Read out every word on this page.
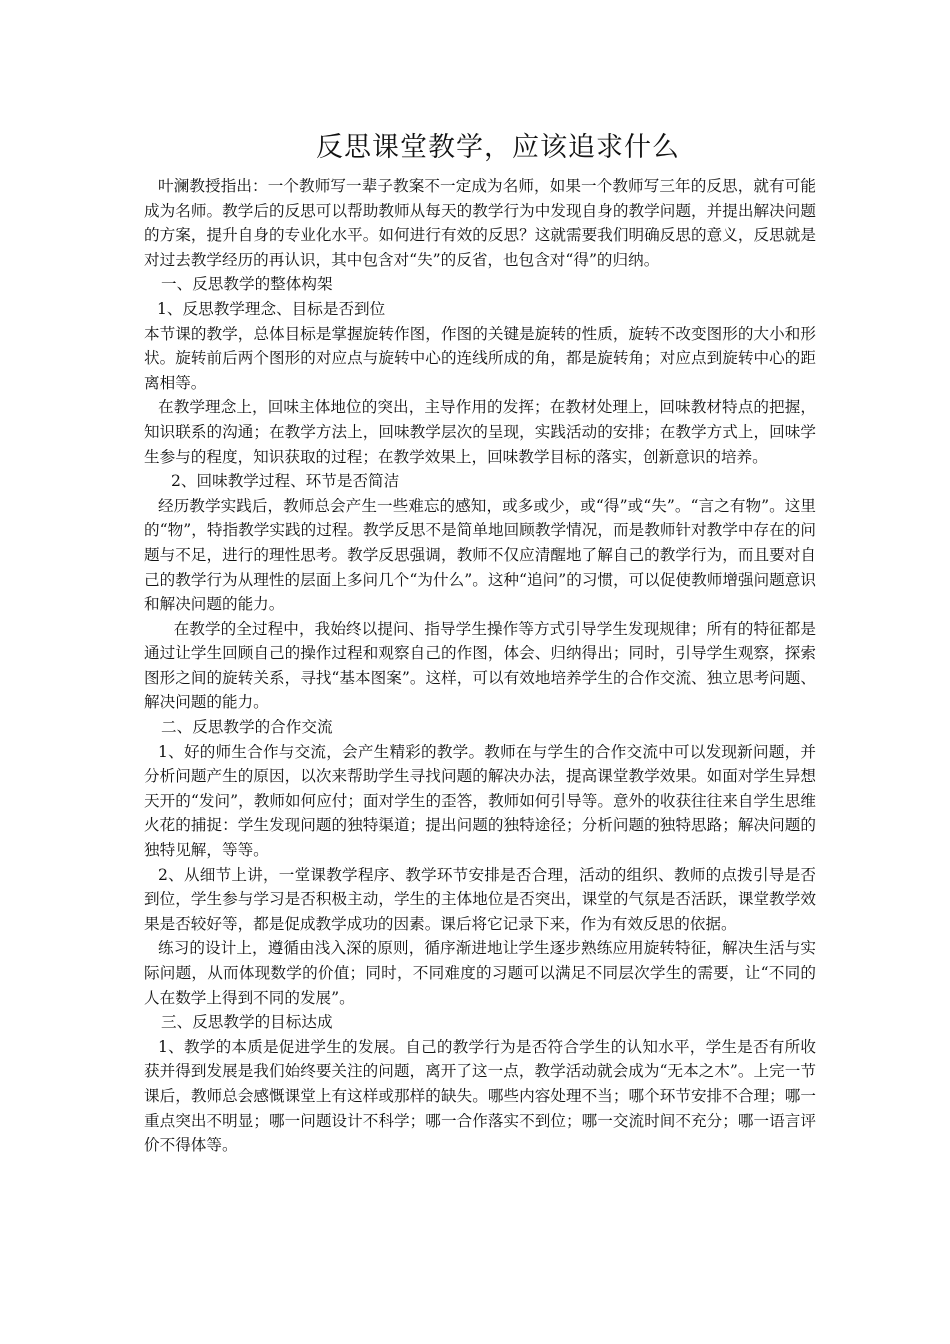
反思课堂教学，应该追求什么

叶澜教授指出：一个教师写一辈子教案不一定成为名师，如果一个教师写三年的反思，就有可能成为名师。教学后的反思可以帮助教师从每天的教学行为中发现自身的教学问题，并提出解决问题的方案，提升自身的专业化水平。如何进行有效的反思？这就需要我们明确反思的意义，反思就是对过去教学经历的再认识，其中包含对“失”的反省，也包含对“得”的归纳。

一、反思教学的整体构架

1、反思教学理念、目标是否到位

本节课的教学，总体目标是掌握旋转作图，作图的关键是旋转的性质，旋转不改变图形的大小和形状。旋转前后两个图形的对应点与旋转中心的连线所成的角，都是旋转角；对应点到旋转中心的距离相等。

在教学理念上，回味主体地位的突出，主导作用的发挥；在教材处理上，回味教材特点的把握，知识联系的沟通；在教学方法上，回味教学层次的呈现，实践活动的安排；在教学方式上，回味学生参与的程度，知识获取的过程；在教学效果上，回味教学目标的落实，创新意识的培养。

2、回味教学过程、环节是否简洁

经历教学实践后，教师总会产生一些难忘的感知，或多或少，或“得”或“失”。“言之有物”。这里的“物”，特指教学实践的过程。教学反思不是简单地回顾教学情况，而是教师针对教学中存在的问题与不足，进行的理性思考。教学反思强调，教师不仅应清醒地了解自己的教学行为，而且要对自己的教学行为从理性的层面上多问几个“为什么”。这种“追问”的习惯，可以促使教师增强问题意识和解决问题的能力。

在教学的全过程中，我始终以提问、指导学生操作等方式引导学生发现规律；所有的特征都是通过让学生回顾自己的操作过程和观察自己的作图，体会、归纳得出；同时，引导学生观察，探索图形之间的旋转关系，寻找“基本图案”。这样，可以有效地培养学生的合作交流、独立思考问题、解决问题的能力。

二、反思教学的合作交流

1、好的师生合作与交流，会产生精彩的教学。教师在与学生的合作交流中可以发现新问题，并分析问题产生的原因，以次来帮助学生寻找问题的解决办法，提高课堂教学效果。如面对学生异想天开的“发问”，教师如何应付；面对学生的歪答，教师如何引导等。意外的收获往往来自学生思维火花的捕捉：学生发现问题的独特渠道；提出问题的独特途径；分析问题的独特思路；解决问题的独特见解，等等。

2、从细节上讲，一堂课教学程序、教学环节安排是否合理，活动的组织、教师的点拨引导是否到位，学生参与学习是否积极主动，学生的主体地位是否突出，课堂的气氛是否活跃，课堂教学效果是否较好等，都是促成教学成功的因素。课后将它记录下来，作为有效反思的依据。

练习的设计上，遵循由浅入深的原则，循序渐进地让学生逐步熟练应用旋转特征，解决生活与实际问题，从而体现数学的价值；同时，不同难度的习题可以满足不同层次学生的需要，让“不同的人在数学上得到不同的发展”。

三、反思教学的目标达成

1、教学的本质是促进学生的发展。自己的教学行为是否符合学生的认知水平，学生是否有所收获并得到发展是我们始终要关注的问题，离开了这一点，教学活动就会成为“无本之木”。上完一节课后，教师总会感慨课堂上有这样或那样的缺失。哪些内容处理不当；哪个环节安排不合理；哪一重点突出不明显；哪一问题设计不科学；哪一合作落实不到位；哪一交流时间不充分；哪一语言评价不得体等。
